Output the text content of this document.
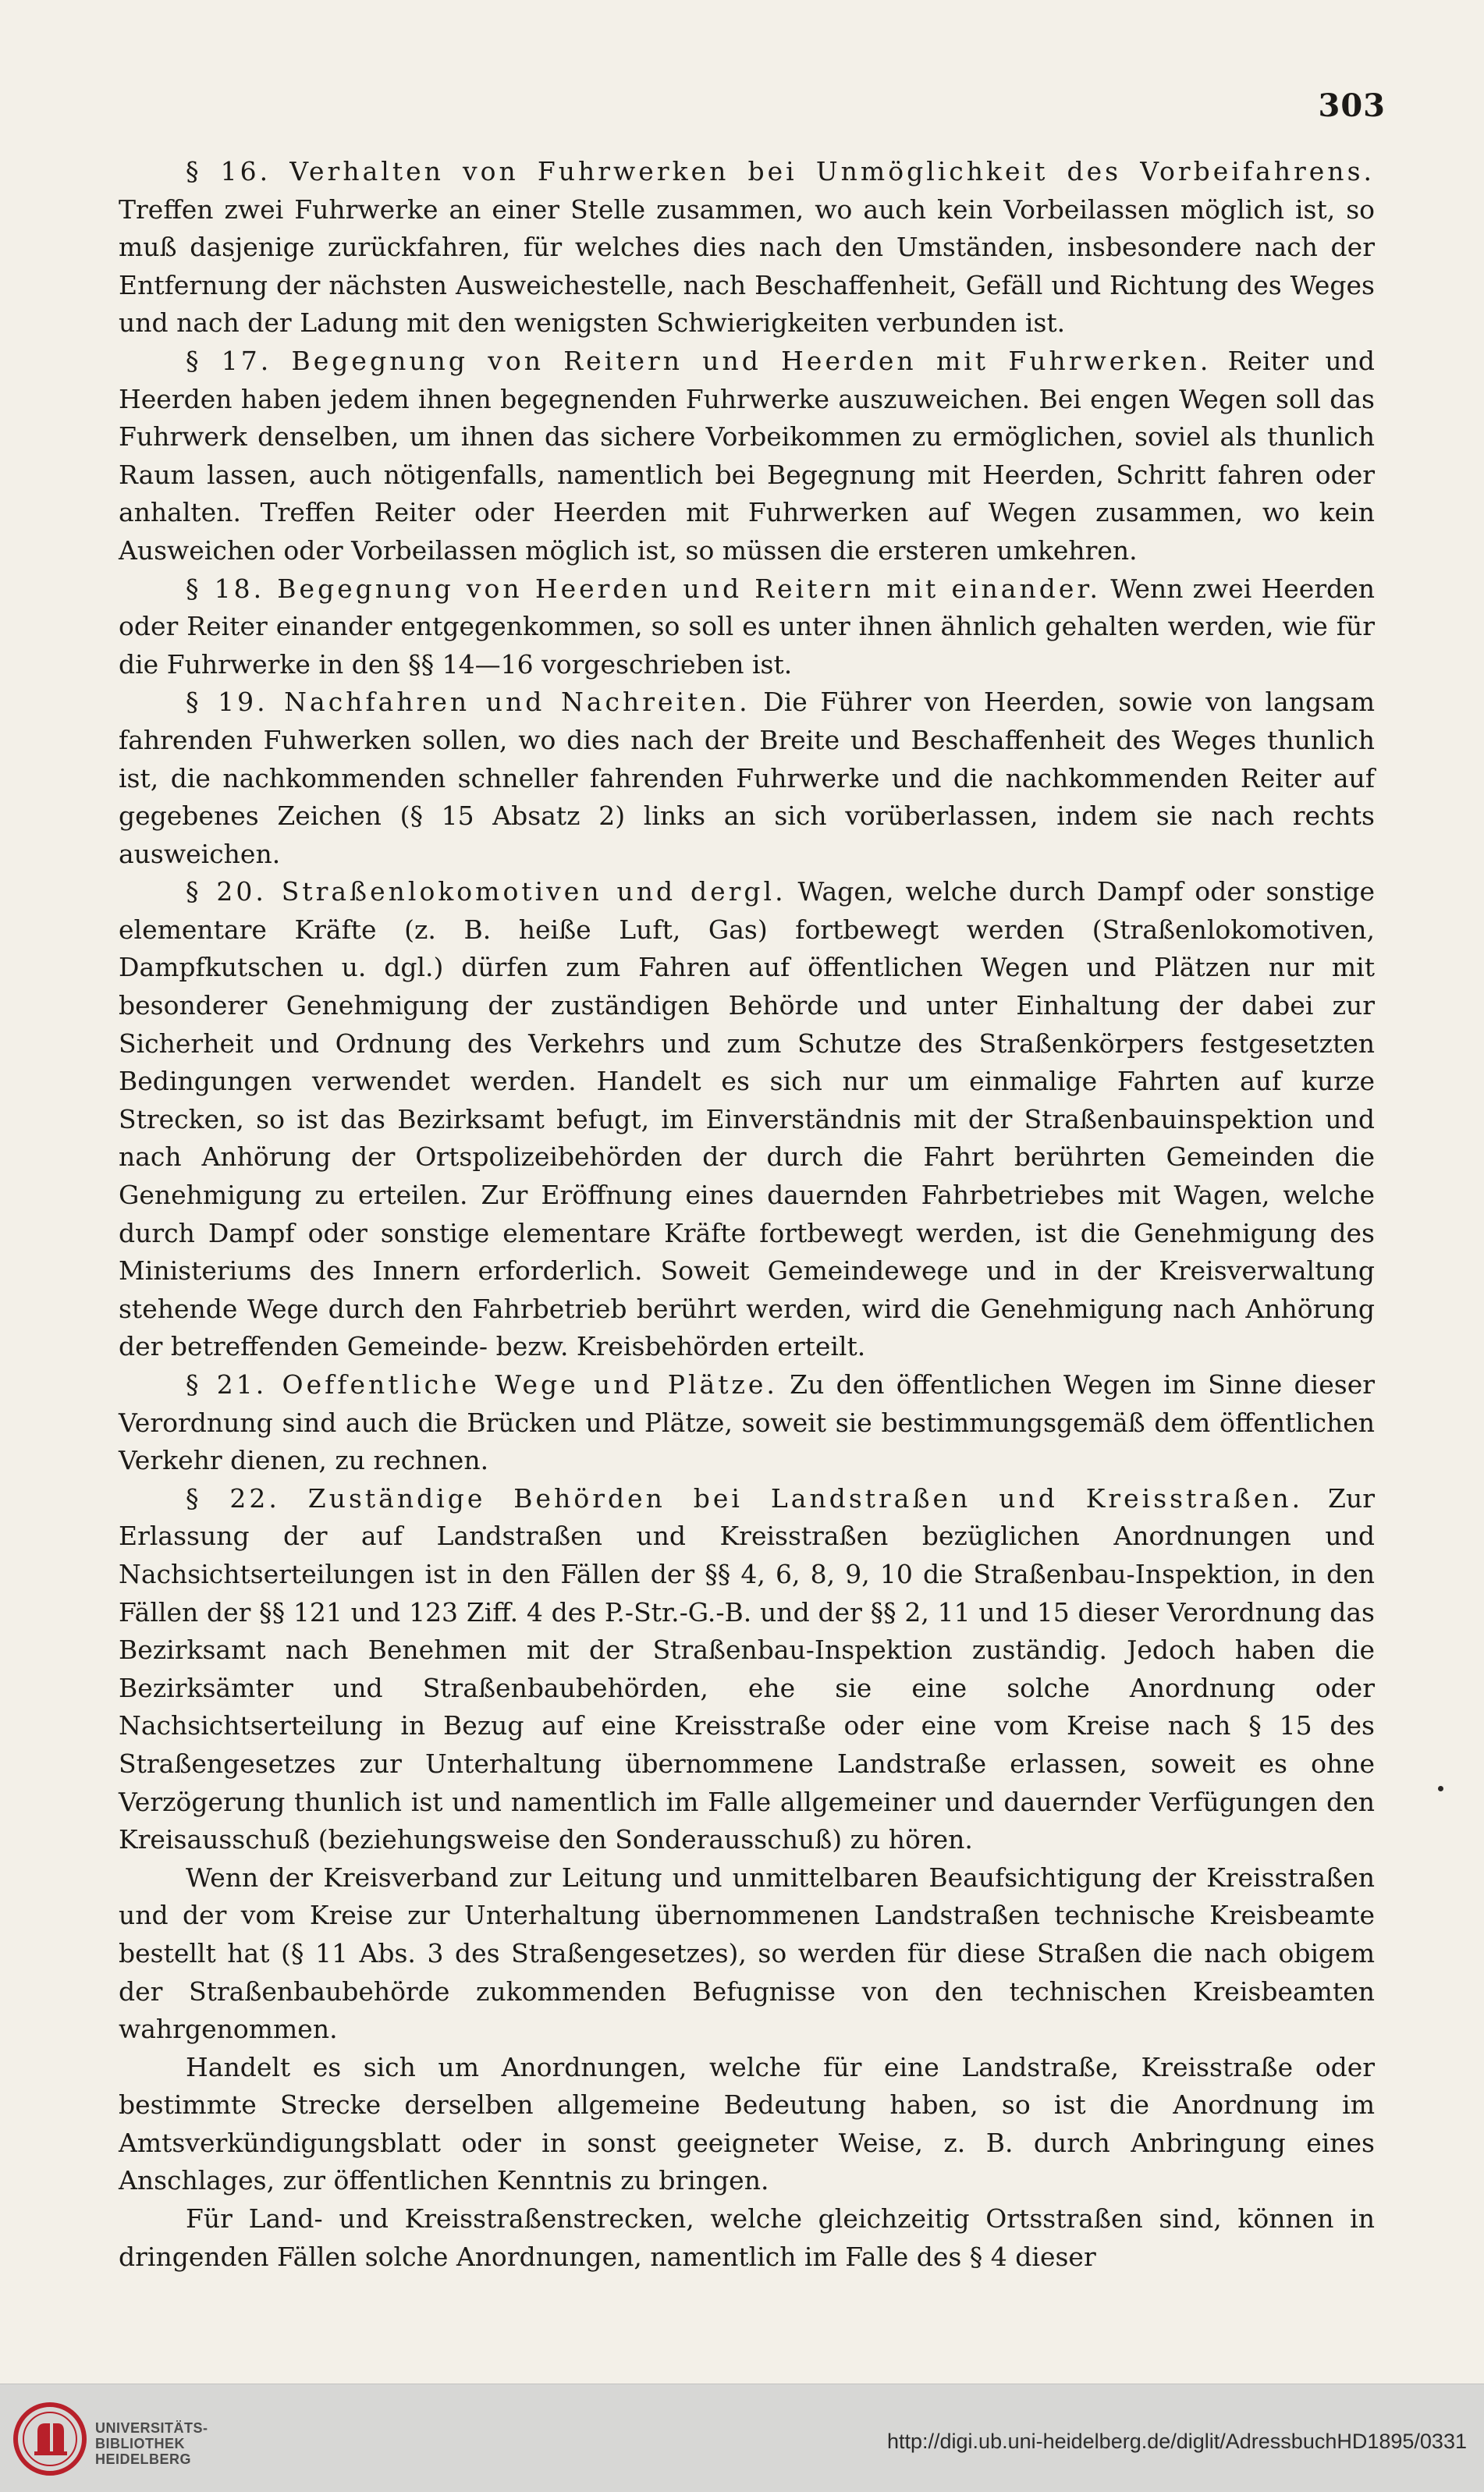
303

§ 16. Verhalten von Fuhrwerken bei Unmöglichkeit des Vorbeifahrens. Treffen zwei Fuhrwerke an einer Stelle zusammen, wo auch kein Vorbeilassen möglich ist, so muß dasjenige zurückfahren, für welches dies nach den Umständen, insbesondere nach der Entfernung der nächsten Ausweichestelle, nach Beschaffenheit, Gefäll und Richtung des Weges und nach der Ladung mit den wenigsten Schwierigkeiten verbunden ist.

§ 17. Begegnung von Reitern und Heerden mit Fuhrwerken. Reiter und Heerden haben jedem ihnen begegnenden Fuhrwerke auszuweichen. Bei engen Wegen soll das Fuhrwerk denselben, um ihnen das sichere Vorbeikommen zu ermöglichen, soviel als thunlich Raum lassen, auch nötigenfalls, namentlich bei Begegnung mit Heerden, Schritt fahren oder anhalten. Treffen Reiter oder Heerden mit Fuhrwerken auf Wegen zusammen, wo kein Ausweichen oder Vorbeilassen möglich ist, so müssen die ersteren umkehren.

§ 18. Begegnung von Heerden und Reitern mit einander. Wenn zwei Heerden oder Reiter einander entgegenkommen, so soll es unter ihnen ähnlich gehalten werden, wie für die Fuhrwerke in den §§ 14—16 vorgeschrieben ist.

§ 19. Nachfahren und Nachreiten. Die Führer von Heerden, sowie von langsam fahrenden Fuhwerken sollen, wo dies nach der Breite und Beschaffenheit des Weges thunlich ist, die nachkommenden schneller fahrenden Fuhrwerke und die nachkommenden Reiter auf gegebenes Zeichen (§ 15 Absatz 2) links an sich vorüberlassen, indem sie nach rechts ausweichen.

§ 20. Straßenlokomotiven und dergl. Wagen, welche durch Dampf oder sonstige elementare Kräfte (z. B. heiße Luft, Gas) fortbewegt werden (Straßenlokomotiven, Dampfkutschen u. dgl.) dürfen zum Fahren auf öffentlichen Wegen und Plätzen nur mit besonderer Genehmigung der zuständigen Behörde und unter Einhaltung der dabei zur Sicherheit und Ordnung des Verkehrs und zum Schutze des Straßenkörpers festgesetzten Bedingungen verwendet werden. Handelt es sich nur um einmalige Fahrten auf kurze Strecken, so ist das Bezirksamt befugt, im Einverständnis mit der Straßenbauinspektion und nach Anhörung der Ortspolizeibehörden der durch die Fahrt berührten Gemeinden die Genehmigung zu erteilen. Zur Eröffnung eines dauernden Fahrbetriebes mit Wagen, welche durch Dampf oder sonstige elementare Kräfte fortbewegt werden, ist die Genehmigung des Ministeriums des Innern erforderlich. Soweit Gemeindewege und in der Kreisverwaltung stehende Wege durch den Fahrbetrieb berührt werden, wird die Genehmigung nach Anhörung der betreffenden Gemeinde- bezw. Kreisbehörden erteilt.

§ 21. Oeffentliche Wege und Plätze. Zu den öffentlichen Wegen im Sinne dieser Verordnung sind auch die Brücken und Plätze, soweit sie bestimmungsgemäß dem öffentlichen Verkehr dienen, zu rechnen.

§ 22. Zuständige Behörden bei Landstraßen und Kreisstraßen. Zur Erlassung der auf Landstraßen und Kreisstraßen bezüglichen Anordnungen und Nachsichtserteilungen ist in den Fällen der §§ 4, 6, 8, 9, 10 die Straßenbau-Inspektion, in den Fällen der §§ 121 und 123 Ziff. 4 des P.-Str.-G.-B. und der §§ 2, 11 und 15 dieser Verordnung das Bezirksamt nach Benehmen mit der Straßenbau-Inspektion zuständig. Jedoch haben die Bezirksämter und Straßenbaubehörden, ehe sie eine solche Anordnung oder Nachsichtserteilung in Bezug auf eine Kreisstraße oder eine vom Kreise nach § 15 des Straßengesetzes zur Unterhaltung übernommene Landstraße erlassen, soweit es ohne Verzögerung thunlich ist und namentlich im Falle allgemeiner und dauernder Verfügungen den Kreisausschuß (beziehungsweise den Sonderausschuß) zu hören.

Wenn der Kreisverband zur Leitung und unmittelbaren Beaufsichtigung der Kreisstraßen und der vom Kreise zur Unterhaltung übernommenen Landstraßen technische Kreisbeamte bestellt hat (§ 11 Abs. 3 des Straßengesetzes), so werden für diese Straßen die nach obigem der Straßenbaubehörde zukommenden Befugnisse von den technischen Kreisbeamten wahrgenommen.

Handelt es sich um Anordnungen, welche für eine Landstraße, Kreisstraße oder bestimmte Strecke derselben allgemeine Bedeutung haben, so ist die Anordnung im Amtsverkündigungsblatt oder in sonst geeigneter Weise, z. B. durch Anbringung eines Anschlages, zur öffentlichen Kenntnis zu bringen.

Für Land- und Kreisstraßenstrecken, welche gleichzeitig Ortsstraßen sind, können in dringenden Fällen solche Anordnungen, namentlich im Falle des § 4 dieser

UNIVERSITÄTS-
BIBLIOTHEK
HEIDELBERG
http://digi.ub.uni-heidelberg.de/diglit/AdressbuchHD1895/0331
